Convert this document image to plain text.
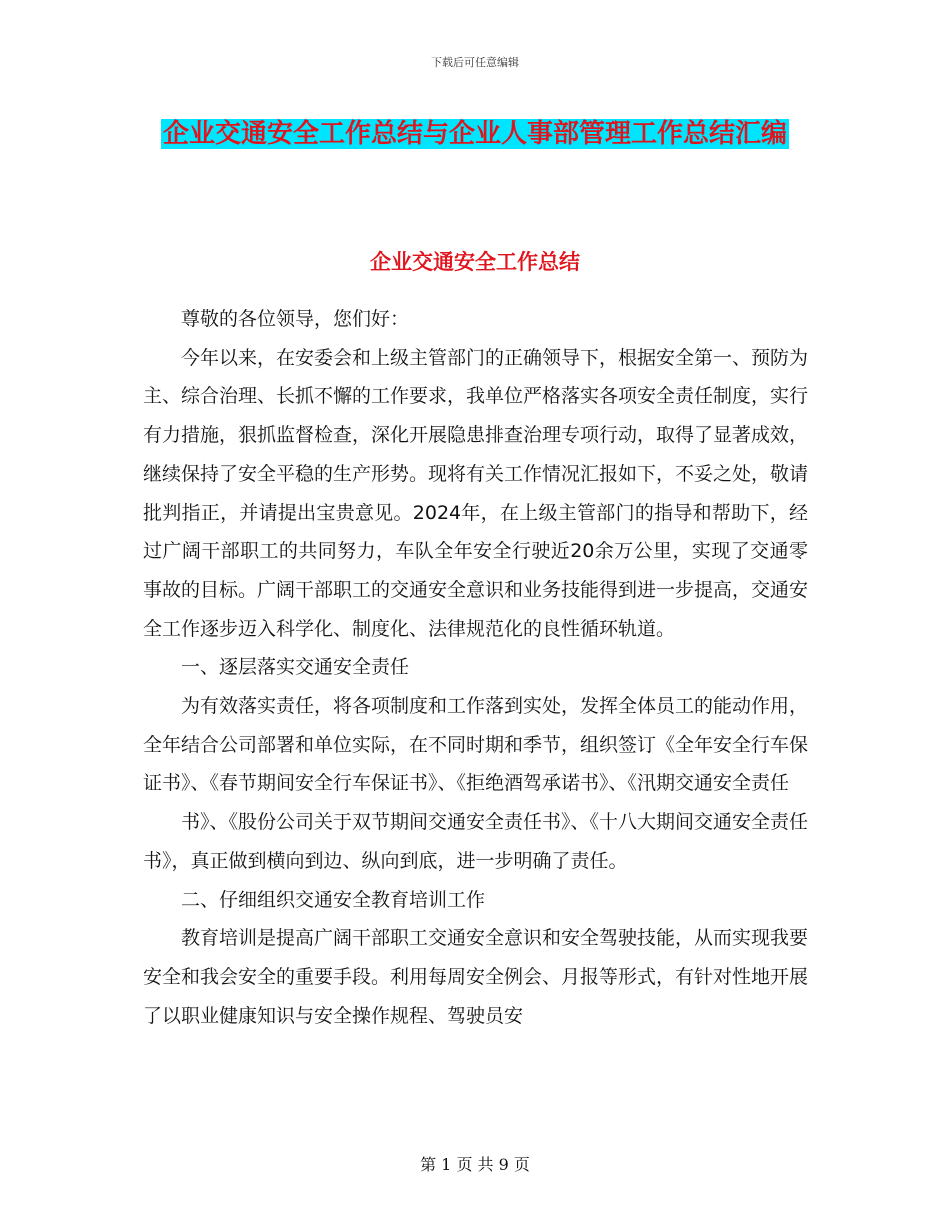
下载后可任意编辑
企业交通安全工作总结与企业人事部管理工作总结汇编
企业交通安全工作总结

尊敬的各位领导，您们好：

今年以来，在安委会和上级主管部门的正确领导下，根据安全第一、预防为主、综合治理、长抓不懈的工作要求，我单位严格落实各项安全责任制度，实行有力措施，狠抓监督检查，深化开展隐患排查治理专项行动，取得了显著成效，继续保持了安全平稳的生产形势。现将有关工作情况汇报如下，不妥之处，敬请批判指正，并请提出宝贵意见。2024年，在上级主管部门的指导和帮助下，经过广阔干部职工的共同努力，车队全年安全行驶近20余万公里，实现了交通零事故的目标。广阔干部职工的交通安全意识和业务技能得到进一步提高，交通安全工作逐步迈入科学化、制度化、法律规范化的良性循环轨道。

一、逐层落实交通安全责任

为有效落实责任，将各项制度和工作落到实处，发挥全体员工的能动作用，全年结合公司部署和单位实际，在不同时期和季节，组织签订《全年安全行车保证书》、《春节期间安全行车保证书》、《拒绝酒驾承诺书》、《汛期交通安全责任

书》、《股份公司关于双节期间交通安全责任书》、《十八大期间交通安全责任书》，真正做到横向到边、纵向到底，进一步明确了责任。

二、仔细组织交通安全教育培训工作

教育培训是提高广阔干部职工交通安全意识和安全驾驶技能，从而实现我要安全和我会安全的重要手段。利用每周安全例会、月报等形式，有针对性地开展了以职业健康知识与安全操作规程、驾驶员安

第 1 页 共 9 页
